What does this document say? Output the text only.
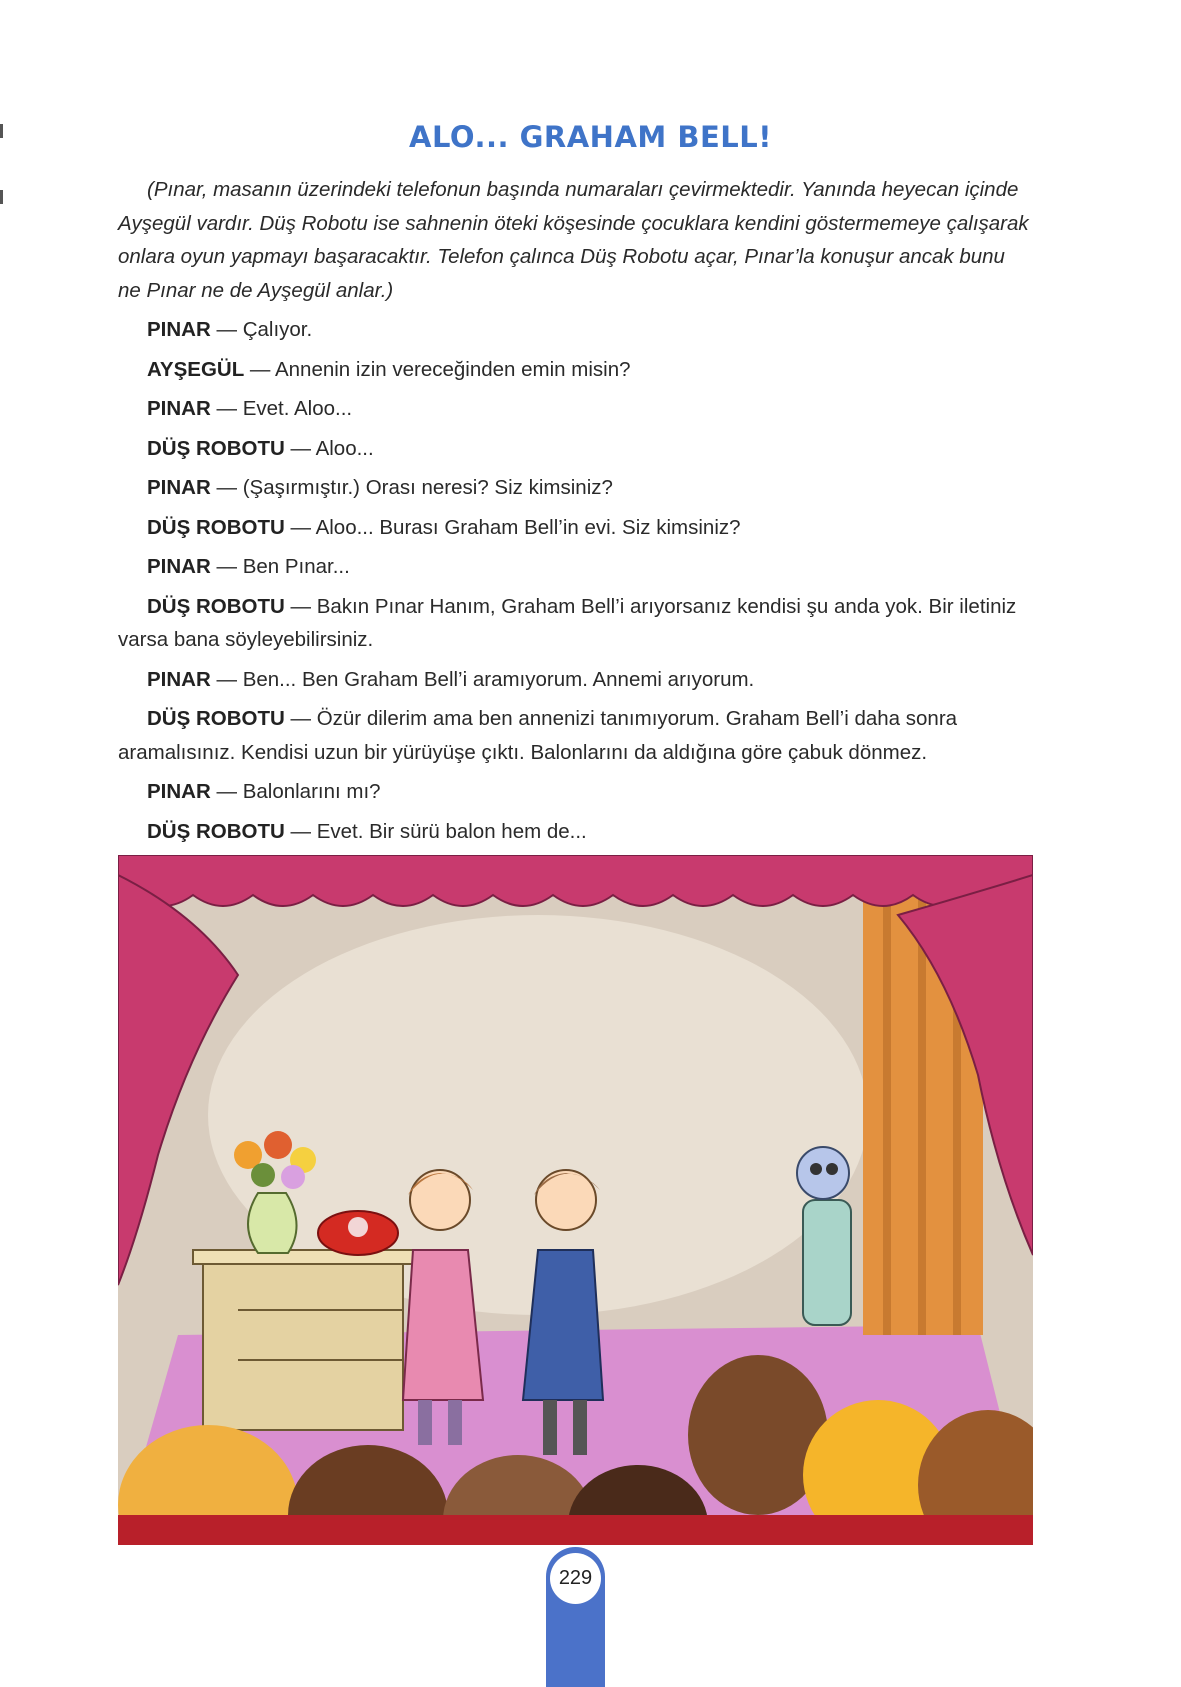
ALO... GRAHAM BELL!

(Pınar, masanın üzerindeki telefonun başında numaraları çevirmektedir. Yanında heyecan içinde Ayşegül vardır. Düş Robotu ise sahnenin öteki köşesinde çocuklara kendini göstermemeye çalışarak onlara oyun yapmayı başaracaktır. Telefon çalınca Düş Robotu açar, Pınar’la konuşur ancak bunu ne Pınar ne de Ayşegül anlar.)

PINAR — Çalıyor.

AYŞEGÜL — Annenin izin vereceğinden emin misin?

PINAR — Evet. Aloo...

DÜŞ ROBOTU — Aloo...

PINAR — (Şaşırmıştır.) Orası neresi? Siz kimsiniz?

DÜŞ ROBOTU — Aloo... Burası Graham Bell’in evi. Siz kimsiniz?

PINAR — Ben Pınar...

DÜŞ ROBOTU — Bakın Pınar Hanım, Graham Bell’i arıyorsanız kendisi şu anda yok. Bir iletiniz varsa bana söyleyebilirsiniz.

PINAR — Ben... Ben Graham Bell’i aramıyorum. Annemi arıyorum.

DÜŞ ROBOTU — Özür dilerim ama ben annenizi tanımıyorum. Graham Bell’i daha sonra aramalısınız. Kendisi uzun bir yürüyüşe çıktı. Balonlarını da aldığına göre çabuk dönmez.

PINAR — Balonlarını mı?

DÜŞ ROBOTU — Evet. Bir sürü balon hem de...

229
